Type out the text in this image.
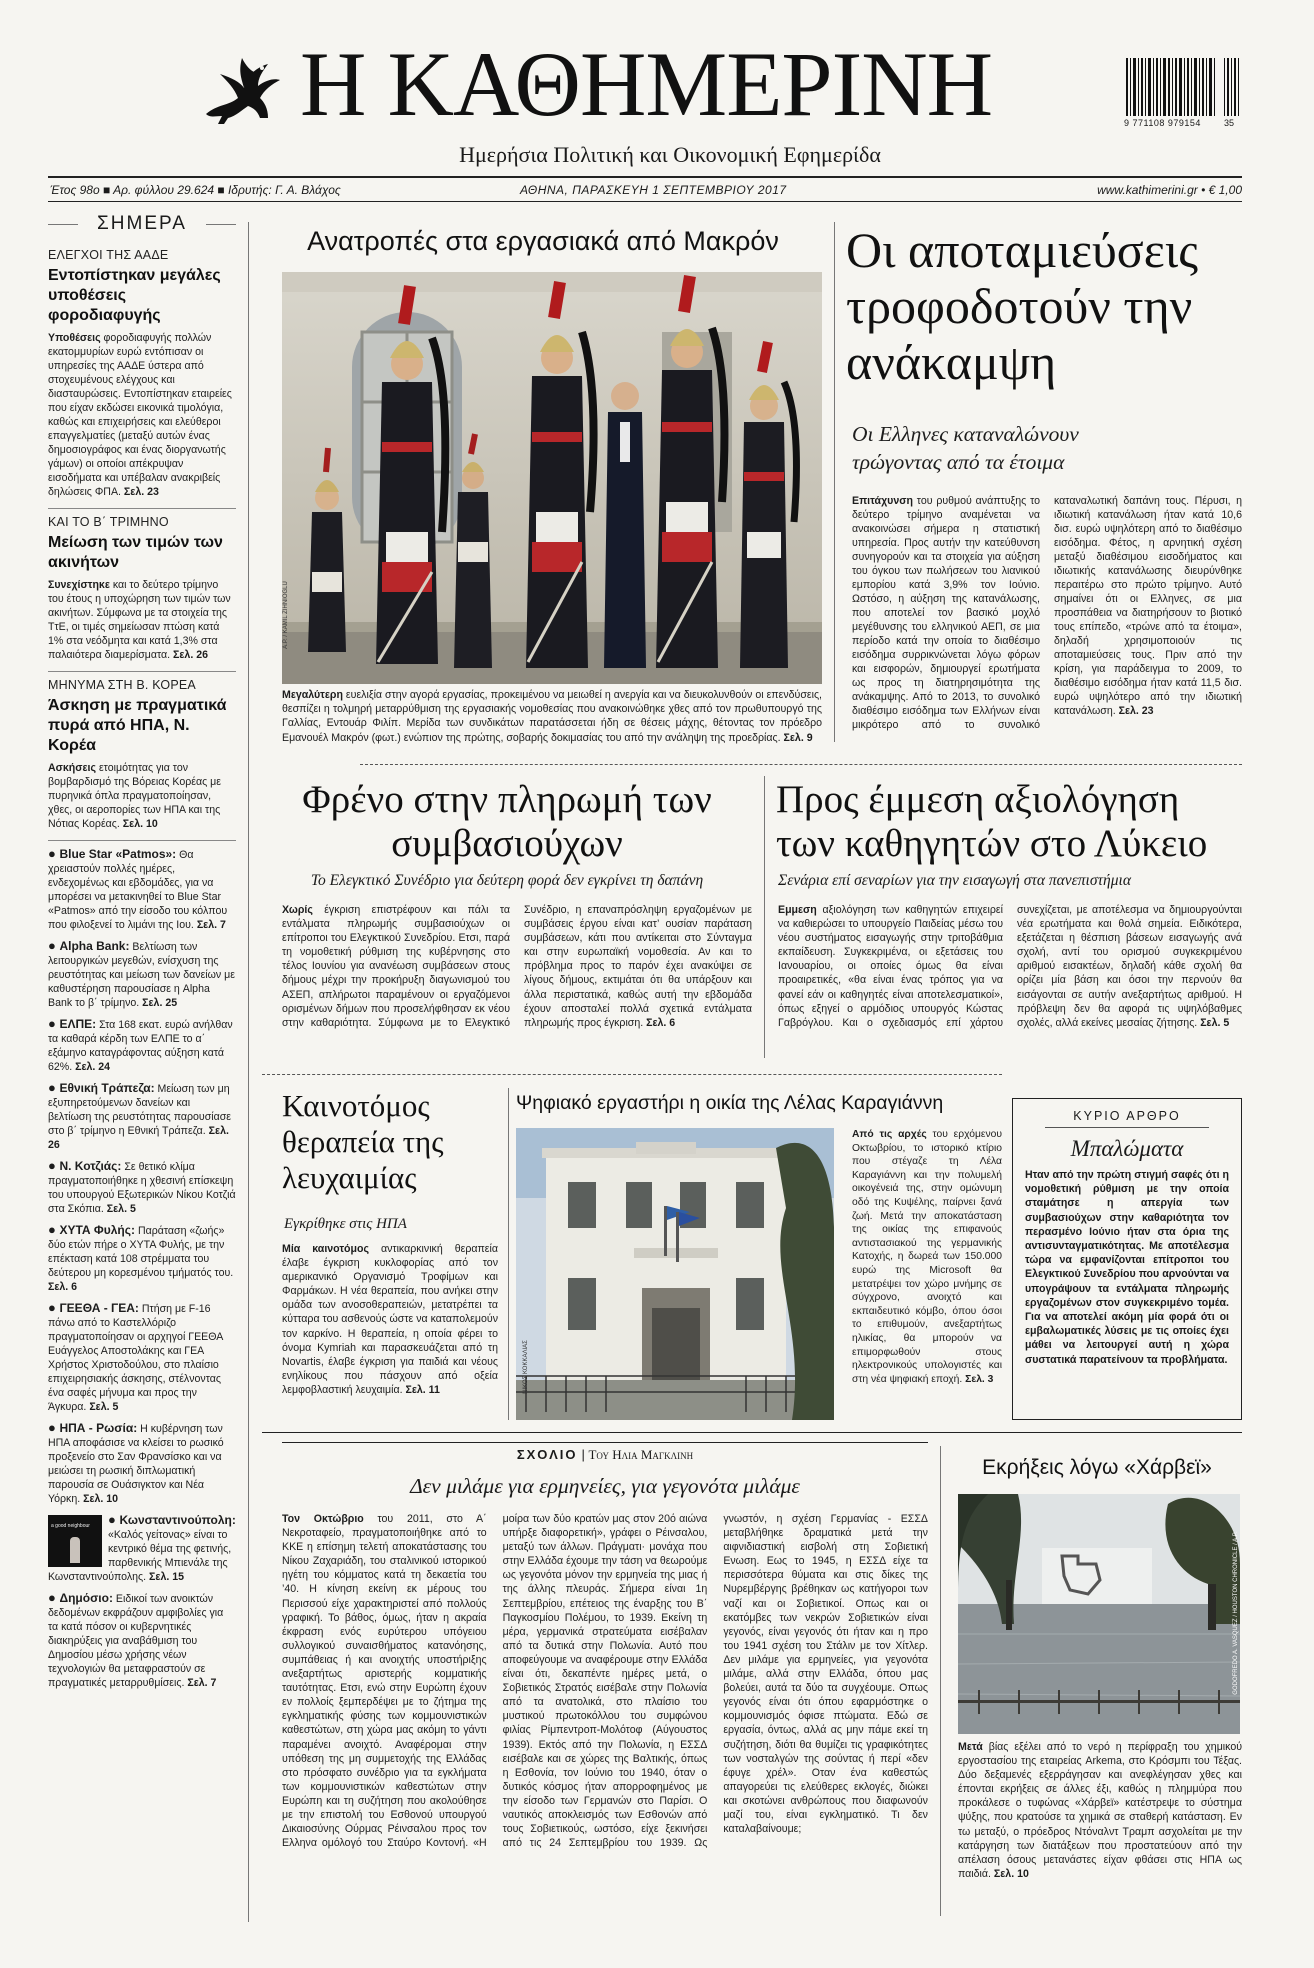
Η ΚΑΘΗΜΕΡΙΝΗ
Ημερήσια Πολιτική και Οικονομική Εφημερίδα
9 771108 979154	35
Έτος 98ο ■ Αρ. φύλλου 29.624 ■ Ιδρυτής: Γ. Α. Βλάχος	ΑΘΗΝΑ, ΠΑΡΑΣΚΕΥΗ 1 ΣΕΠΤΕΜΒΡΙΟΥ 2017	www.kathimerini.gr • € 1,00
ΣΗΜΕΡΑ
ΕΛΕΓΧΟΙ ΤΗΣ ΑΑΔΕ
Εντοπίστηκαν μεγάλες υποθέσεις φοροδιαφυγής
Υποθέσεις φοροδιαφυγής πολλών εκατομμυρίων ευρώ εντόπισαν οι υπηρεσίες της ΑΑΔΕ ύστερα από στοχευμένους ελέγχους και διασταυρώσεις. Εντοπίστηκαν εταιρείες που είχαν εκδώσει εικονικά τιμολόγια, καθώς και επιχειρήσεις και ελεύθεροι επαγγελματίες (μεταξύ αυτών ένας δημοσιογράφος και ένας διοργανωτής γάμων) οι οποίοι απέκρυψαν εισοδήματα και υπέβαλαν ανακριβείς δηλώσεις ΦΠΑ. Σελ. 23
ΚΑΙ ΤΟ Β΄ ΤΡΙΜΗΝΟ
Μείωση των τιμών των ακινήτων
Συνεχίστηκε και το δεύτερο τρίμηνο του έτους η υποχώρηση των τιμών των ακινήτων. Σύμφωνα με τα στοιχεία της ΤτΕ, οι τιμές σημείωσαν πτώση κατά 1% στα νεόδμητα και κατά 1,3% στα παλαιότερα διαμερίσματα. Σελ. 26
ΜΗΝΥΜΑ ΣΤΗ Β. ΚΟΡΕΑ
Άσκηση με πραγματικά πυρά από ΗΠΑ, Ν. Κορέα
Ασκήσεις ετοιμότητας για τον βομβαρδισμό της Βόρειας Κορέας με πυρηνικά όπλα πραγματοποίησαν, χθες, οι αεροπορίες των ΗΠΑ και της Νότιας Κορέας. Σελ. 10
● Blue Star «Patmos»: Θα χρειαστούν πολλές ημέρες, ενδεχομένως και εβδομάδες, για να μπορέσει να μετακινηθεί το Blue Star «Patmos» από την είσοδο του κόλπου που φιλοξενεί το λιμάνι της Ιου. Σελ. 7
● Alpha Bank: Βελτίωση των λειτουργικών μεγεθών, ενίσχυση της ρευστότητας και μείωση των δανείων με καθυστέρηση παρουσίασε η Alpha Bank το β΄ τρίμηνο. Σελ. 25
● ΕΛΠΕ: Στα 168 εκατ. ευρώ ανήλθαν τα καθαρά κέρδη των ΕΛΠΕ το α΄ εξάμηνο καταγράφοντας αύξηση κατά 62%. Σελ. 24
● Εθνική Τράπεζα: Μείωση των μη εξυπηρετούμενων δανείων και βελτίωση της ρευστότητας παρουσίασε στο β΄ τρίμηνο η Εθνική Τράπεζα. Σελ. 26
● Ν. Κοτζιάς: Σε θετικό κλίμα πραγματοποιήθηκε η χθεσινή επίσκεψη του υπουργού Εξωτερικών Νίκου Κοτζιά στα Σκόπια. Σελ. 5
● ΧΥΤΑ Φυλής: Παράταση «ζωής» δύο ετών πήρε ο ΧΥΤΑ Φυλής, με την επέκταση κατά 108 στρέμματα του δεύτερου μη κορεσμένου τμήματός του. Σελ. 6
● ΓΕΕΘΑ - ΓΕΑ: Πτήση με F-16 πάνω από το Καστελλόριζο πραγματοποίησαν οι αρχηγοί ΓΕΕΘΑ Ευάγγελος Αποστολάκης και ΓΕΑ Χρήστος Χριστοδούλου, στο πλαίσιο επιχειρησιακής άσκησης, στέλνοντας ένα σαφές μήνυμα και προς την Άγκυρα. Σελ. 5
● ΗΠΑ - Ρωσία: Η κυβέρνηση των ΗΠΑ αποφάσισε να κλείσει το ρωσικό προξενείο στο Σαν Φρανσίσκο και να μειώσει τη ρωσική διπλωματική παρουσία σε Ουάσιγκτον και Νέα Υόρκη. Σελ. 10
a good neighbour	● Κωνσταντινούπολη: «Καλός γείτονας» είναι το κεντρικό θέμα της φετινής, παρθενικής Μπιενάλε της Κωνσταντινούπολης. Σελ. 15
● Δημόσιο: Ειδικοί των ανοικτών δεδομένων εκφράζουν αμφιβολίες για τα κατά πόσον οι κυβερνητικές διακηρύξεις για αναβάθμιση του Δημοσίου μέσω χρήσης νέων τεχνολογιών θα μεταφραστούν σε πραγματικές μεταρρυθμίσεις. Σελ. 7
Ανατροπές στα εργασιακά από Μακρόν
A.P. / KAMIL ZIHNIOGLU
Μεγαλύτερη ευελιξία στην αγορά εργασίας, προκειμένου να μειωθεί η ανεργία και να διευκολυνθούν οι επενδύσεις, θεσπίζει η τολμηρή μεταρρύθμιση της εργασιακής νομοθεσίας που ανακοινώθηκε χθες από τον πρωθυπουργό της Γαλλίας, Εντουάρ Φιλίπ. Μερίδα των συνδικάτων παρατάσσεται ήδη σε θέσεις μάχης, θέτοντας τον πρόεδρο Εμανουέλ Μακρόν (φωτ.) ενώπιον της πρώτης, σοβαρής δοκιμασίας του από την ανάληψη της προεδρίας. Σελ. 9
Οι αποταμιεύσεις τροφοδοτούν την ανάκαμψη
Οι Ελληνες καταναλώνουν τρώγοντας από τα έτοιμα
Επιτάχυνση του ρυθμού ανάπτυξης το δεύτερο τρίμηνο αναμένεται να ανακοινώσει σήμερα η στατιστική υπηρεσία. Προς αυτήν την κατεύθυνση συνηγορούν και τα στοιχεία για αύξηση του όγκου των πωλήσεων του λιανικού εμπορίου κατά 3,9% τον Ιούνιο. Ωστόσο, η αύξηση της κατανάλωσης, που αποτελεί τον βασικό μοχλό μεγέθυνσης του ελληνικού ΑΕΠ, σε μια περίοδο κατά την οποία το διαθέσιμο εισόδημα συρρικνώνεται λόγω φόρων και εισφορών, δημιουργεί ερωτήματα ως προς τη διατηρησιμότητα της ανάκαμψης. Από το 2013, το συνολικό διαθέσιμο εισόδημα των Ελλήνων είναι μικρότερο από το συνολικό καταναλωτική δαπάνη τους. Πέρυσι, η ιδιωτική κατανάλωση ήταν κατά 10,6 δισ. ευρώ υψηλότερη από το διαθέσιμο εισόδημα. Φέτος, η αρνητική σχέση μεταξύ διαθέσιμου εισοδήματος και ιδιωτικής κατανάλωσης διευρύνθηκε περαιτέρω στο πρώτο τρίμηνο. Αυτό σημαίνει ότι οι Ελληνες, σε μια προσπάθεια να διατηρήσουν το βιοτικό τους επίπεδο, «τρώνε από τα έτοιμα», δηλαδή χρησιμοποιούν τις αποταμιεύσεις τους. Πριν από την κρίση, για παράδειγμα το 2009, το διαθέσιμο εισόδημα ήταν κατά 11,5 δισ. ευρώ υψηλότερο από την ιδιωτική κατανάλωση. Σελ. 23
Φρένο στην πληρωμή των συμβασιούχων
Το Ελεγκτικό Συνέδριο για δεύτερη φορά δεν εγκρίνει τη δαπάνη
Χωρίς έγκριση επιστρέφουν και πάλι τα εντάλματα πληρωμής συμβασιούχων οι επίτροποι του Ελεγκτικού Συνεδρίου. Ετσι, παρά τη νομοθετική ρύθμιση της κυβέρνησης στο τέλος Ιουνίου για ανανέωση συμβάσεων στους δήμους μέχρι την προκήρυξη διαγωνισμού του ΑΣΕΠ, απλήρωτοι παραμένουν οι εργαζόμενοι ορισμένων δήμων που προσελήφθησαν εκ νέου στην καθαριότητα. Σύμφωνα με το Ελεγκτικό Συνέδριο, η επαναπρόσληψη εργαζομένων με συμβάσεις έργου είναι κατ’ ουσίαν παράταση συμβάσεων, κάτι που αντίκειται στο Σύνταγμα και στην ευρωπαϊκή νομοθεσία. Αν και το πρόβλημα προς το παρόν έχει ανακύψει σε λίγους δήμους, εκτιμάται ότι θα υπάρξουν και άλλα περιστατικά, καθώς αυτή την εβδομάδα έχουν αποσταλεί πολλά σχετικά εντάλματα πληρωμής προς έγκριση. Σελ. 6
Προς έμμεση αξιολόγηση των καθηγητών στο Λύκειο
Σενάρια επί σεναρίων για την εισαγωγή στα πανεπιστήμια
Εμμεση αξιολόγηση των καθηγητών επιχειρεί να καθιερώσει το υπουργείο Παιδείας μέσω του νέου συστήματος εισαγωγής στην τριτοβάθμια εκπαίδευση. Συγκεκριμένα, οι εξετάσεις του Ιανουαρίου, οι οποίες όμως θα είναι προαιρετικές, «θα είναι ένας τρόπος για να φανεί εάν οι καθηγητές είναι αποτελεσματικοί», όπως εξηγεί ο αρμόδιος υπουργός Κώστας Γαβρόγλου. Και ο σχεδιασμός επί χάρτου συνεχίζεται, με αποτέλεσμα να δημιουργούνται νέα ερωτήματα και θολά σημεία. Ειδικότερα, εξετάζεται η θέσπιση βάσεων εισαγωγής ανά σχολή, αντί του ορισμού συγκεκριμένου αριθμού εισακτέων, δηλαδή κάθε σχολή θα ορίζει μία βάση και όσοι την περνούν θα εισάγονται σε αυτήν ανεξαρτήτως αριθμού. Η πρόβλεψη δεν θα αφορά τις υψηλόβαθμες σχολές, αλλά εκείνες μεσαίας ζήτησης. Σελ. 5
Καινοτόμος θεραπεία της λευχαιμίας
Εγκρίθηκε στις ΗΠΑ
Μία καινοτόμος αντικαρκινική θεραπεία έλαβε έγκριση κυκλοφορίας από τον αμερικανικό Οργανισμό Τροφίμων και Φαρμάκων. Η νέα θεραπεία, που ανήκει στην ομάδα των ανοσοθεραπειών, μετατρέπει τα κύτταρα του ασθενούς ώστε να καταπολεμούν τον καρκίνο. Η θεραπεία, η οποία φέρει το όνομα Kymriah και παρασκευάζεται από τη Novartis, έλαβε έγκριση για παιδιά και νέους ενηλίκους που πάσχουν από οξεία λεμφοβλαστική λευχαιμία. Σελ. 11
Ψηφιακό εργαστήρι η οικία της Λέλας Καραγιάννη
ΝΙΚΟΣ ΚΟΚΚΑΛΙΑΣ
Από τις αρχές του ερχόμενου Οκτωβρίου, το ιστορικό κτίριο που στέγαζε τη Λέλα Καραγιάννη και την πολυμελή οικογένειά της, στην ομώνυμη οδό της Κυψέλης, παίρνει ξανά ζωή. Μετά την αποκατάσταση της οικίας της επιφανούς αντιστασιακού της γερμανικής Κατοχής, η δωρεά των 150.000 ευρώ της Microsoft θα μετατρέψει τον χώρο μνήμης σε σύγχρονο, ανοιχτό και εκπαιδευτικό κόμβο, όπου όσοι το επιθυμούν, ανεξαρτήτως ηλικίας, θα μπορούν να επιμορφωθούν στους ηλεκτρονικούς υπολογιστές και στη νέα ψηφιακή εποχή. Σελ. 3
ΚΥΡΙΟ ΑΡΘΡΟ
Μπαλώματα
Ηταν από την πρώτη στιγμή σαφές ότι η νομοθετική ρύθμιση με την οποία σταμάτησε η απεργία των συμβασιούχων στην καθαριότητα τον περασμένο Ιούνιο ήταν στα όρια της αντισυνταγματικότητας. Με αποτέλεσμα τώρα να εμφανίζονται επίτροποι του Ελεγκτικού Συνεδρίου που αρνούνται να υπογράψουν τα εντάλματα πληρωμής εργαζομένων στον συγκεκριμένο τομέα. Για να αποτελεί ακόμη μία φορά ότι οι εμβαλωματικές λύσεις με τις οποίες έχει μάθει να λειτουργεί αυτή η χώρα συστατικά παρατείνουν τα προβλήματα.
ΣΧΟΛΙΟ | Του Ηλια Μαγκλινη
Δεν μιλάμε για ερμηνείες, για γεγονότα μιλάμε
Τον Οκτώβριο του 2011, στο Α΄ Νεκροταφείο, πραγματοποιήθηκε από το ΚΚΕ η επίσημη τελετή αποκατάστασης του Νίκου Ζαχαριάδη, του σταλινικού ιστορικού ηγέτη του κόμματος κατά τη δεκαετία του ’40. Η κίνηση εκείνη εκ μέρους του Περισσού είχε χαρακτηριστεί από πολλούς γραφική. Το βάθος, όμως, ήταν η ακραία έκφραση ενός ευρύτερου υπόγειου συλλογικού συναισθήματος κατανόησης, συμπάθειας ή και ανοιχτής υποστήριξης ανεξαρτήτως αριστερής κομματικής ταυτότητας. Ετσι, ενώ στην Ευρώπη έχουν εν πολλοίς ξεμπερδέψει με το ζήτημα της εγκληματικής φύσης των κομμουνιστικών καθεστώτων, στη χώρα μας ακόμη το γάντι παραμένει ανοιχτό. Αναφέρομαι στην υπόθεση της μη συμμετοχής της Ελλάδας στο πρόσφατο συνέδριο για τα εγκλήματα των κομμουνιστικών καθεστώτων στην Ευρώπη και τη συζήτηση που ακολούθησε με την επιστολή του Εσθονού υπουργού Δικαιοσύνης Ούρμας Ρέινσαλου προς τον Ελληνα ομόλογό του Σταύρο Κοντονή. «Η μοίρα των δύο κρατών μας στον 20ό αιώνα υπήρξε διαφορετική», γράφει ο Ρέινσαλου, μεταξύ των άλλων. Πράγματι· μονάχα που στην Ελλάδα έχουμε την τάση να θεωρούμε ως γεγονότα μόνον την ερμηνεία της μιας ή της άλλης πλευράς. Σήμερα είναι 1η Σεπτεμβρίου, επέτειος της έναρξης του Β΄ Παγκοσμίου Πολέμου, το 1939. Εκείνη τη μέρα, γερμανικά στρατεύματα εισέβαλαν από τα δυτικά στην Πολωνία. Αυτό που αποφεύγουμε να αναφέρουμε στην Ελλάδα είναι ότι, δεκαπέντε ημέρες μετά, ο Σοβιετικός Στρατός εισέβαλε στην Πολωνία από τα ανατολικά, στο πλαίσιο του μυστικού πρωτοκόλλου του συμφώνου φιλίας Ρίμπεντροπ-Μολότοφ (Αύγουστος 1939). Εκτός από την Πολωνία, η ΕΣΣΔ εισέβαλε και σε χώρες της Βαλτικής, όπως η Εσθονία, τον Ιούνιο του 1940, όταν ο δυτικός κόσμος ήταν απορροφημένος με την είσοδο των Γερμανών στο Παρίσι. Ο ναυτικός αποκλεισμός των Εσθονών από τους Σοβιετικούς, ωστόσο, είχε ξεκινήσει από τις 24 Σεπτεμβρίου του 1939. Ως γνωστόν, η σχέση Γερμανίας - ΕΣΣΔ μεταβλήθηκε δραματικά μετά την αιφνιδιαστική εισβολή στη Σοβιετική Ενωση. Εως το 1945, η ΕΣΣΔ είχε τα περισσότερα θύματα και στις δίκες της Νυρεμβέργης βρέθηκαν ως κατήγοροι των ναζί και οι Σοβιετικοί. Οπως και οι εκατόμβες των νεκρών Σοβιετικών είναι γεγονός, είναι γεγονός ότι ήταν και η προ του 1941 σχέση του Στάλιν με τον Χίτλερ. Δεν μιλάμε για ερμηνείες, για γεγονότα μιλάμε, αλλά στην Ελλάδα, όπου μας βολεύει, αυτά τα δύο τα συγχέουμε. Οπως γεγονός είναι ότι όπου εφαρμόστηκε ο κομμουνισμός όφισε πτώματα. Εδώ σε εργασία, όντως, αλλά ας μην πάμε εκεί τη συζήτηση, διότι θα θυμίζει τις γραφικότητες των νοσταλγών της σούντας ή περί «δεν έφυγε χρέλ». Οταν ένα καθεστώς απαγορεύει τις ελεύθερες εκλογές, διώκει και σκοτώνει ανθρώπους που διαφωνούν μαζί του, είναι εγκληματικό. Τι δεν καταλαβαίνουμε;
Εκρήξεις λόγω «Χάρβεϊ»
GODOFREDO A. VASQUEZ / HOUSTON CHRONICLE / A.P.
Μετά βίας εξέλει από το νερό η περίφραξη του χημικού εργοστασίου της εταιρείας Arkema, στο Κρόσμπι του Τέξας. Δύο δεξαμενές εξερράγησαν και ανεφλέγησαν χθες και έπονται εκρήξεις σε άλλες έξι, καθώς η πλημμύρα που προκάλεσε ο τυφώνας «Χάρβεϊ» κατέστρεψε το σύστημα ψύξης, που κρατούσε τα χημικά σε σταθερή κατάσταση. Εν τω μεταξύ, ο πρόεδρος Ντόναλντ Τραμπ ασχολείται με την κατάργηση των διατάξεων που προστατεύουν από την απέλαση όσους μετανάστες είχαν φθάσει στις ΗΠΑ ως παιδιά. Σελ. 10
